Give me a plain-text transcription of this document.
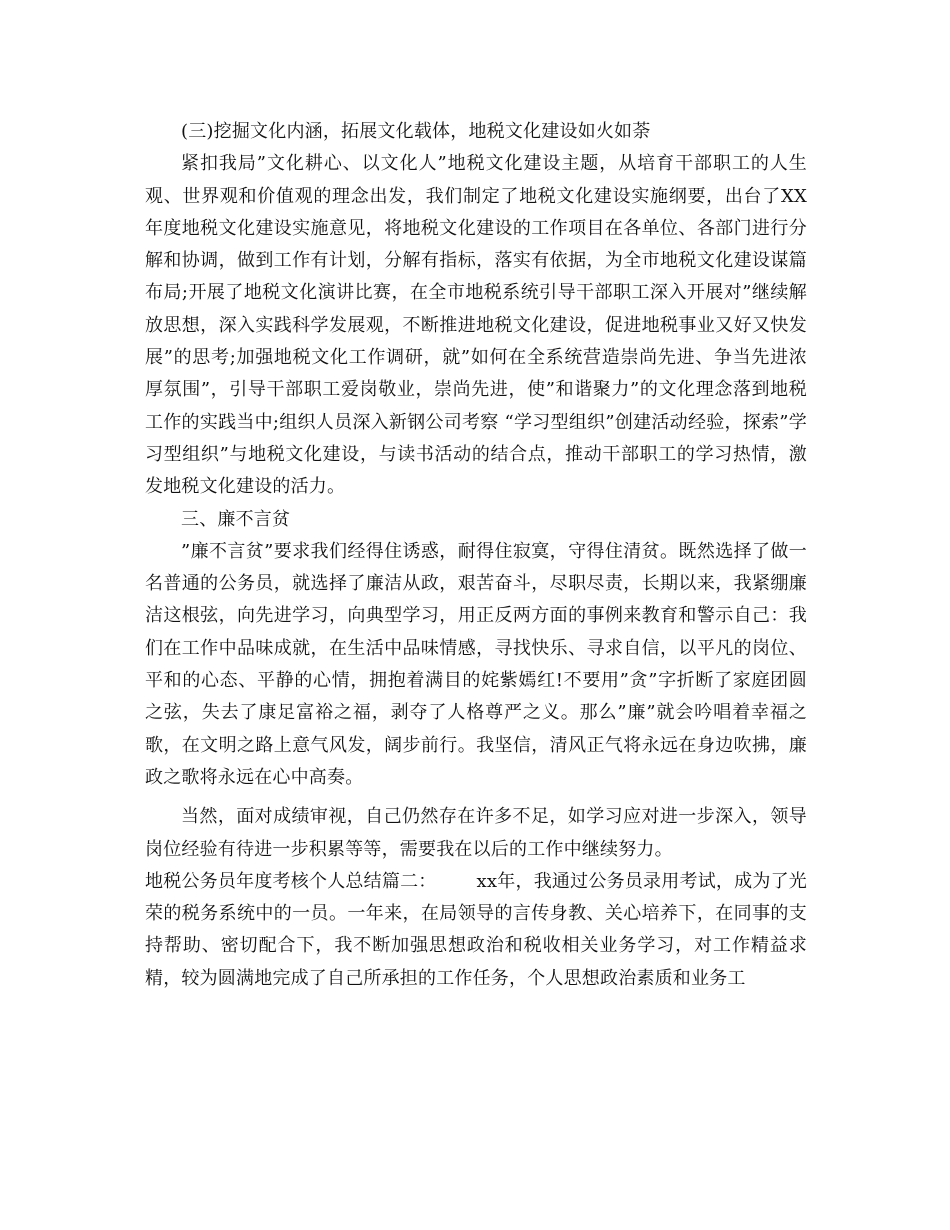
(三)挖掘文化内涵，拓展文化载体，地税文化建设如火如荼

紧扣我局”文化耕心、以文化人”地税文化建设主题，从培育干部职工的人生观、世界观和价值观的理念出发，我们制定了地税文化建设实施纲要，出台了XX年度地税文化建设实施意见，将地税文化建设的工作项目在各单位、各部门进行分解和协调，做到工作有计划，分解有指标，落实有依据，为全市地税文化建设谋篇布局;开展了地税文化演讲比赛，在全市地税系统引导干部职工深入开展对”继续解放思想，深入实践科学发展观，不断推进地税文化建设，促进地税事业又好又快发展”的思考;加强地税文化工作调研，就”如何在全系统营造崇尚先进、争当先进浓厚氛围”，引导干部职工爱岗敬业，崇尚先进，使”和谐聚力”的文化理念落到地税工作的实践当中;组织人员深入新钢公司考察 “学习型组织”创建活动经验，探索”学习型组织”与地税文化建设，与读书活动的结合点，推动干部职工的学习热情，激发地税文化建设的活力。

三、廉不言贫

”廉不言贫”要求我们经得住诱惑，耐得住寂寞，守得住清贫。既然选择了做一名普通的公务员，就选择了廉洁从政，艰苦奋斗，尽职尽责，长期以来，我紧绷廉洁这根弦，向先进学习，向典型学习，用正反两方面的事例来教育和警示自己：我们在工作中品味成就，在生活中品味情感，寻找快乐、寻求自信，以平凡的岗位、平和的心态、平静的心情，拥抱着满目的姹紫嫣红!不要用”贪”字折断了家庭团圆之弦，失去了康足富裕之福，剥夺了人格尊严之义。那么”廉”就会吟唱着幸福之歌，在文明之路上意气风发，阔步前行。我坚信，清风正气将永远在身边吹拂，廉政之歌将永远在心中高奏。

当然，面对成绩审视，自己仍然存在许多不足，如学习应对进一步深入，领导岗位经验有待进一步积累等等，需要我在以后的工作中继续努力。

地税公务员年度考核个人总结篇二： xx年，我通过公务员录用考试，成为了光荣的税务系统中的一员。一年来，在局领导的言传身教、关心培养下，在同事的支持帮助、密切配合下，我不断加强思想政治和税收相关业务学习，对工作精益求精，较为圆满地完成了自己所承担的工作任务，个人思想政治素质和业务工
